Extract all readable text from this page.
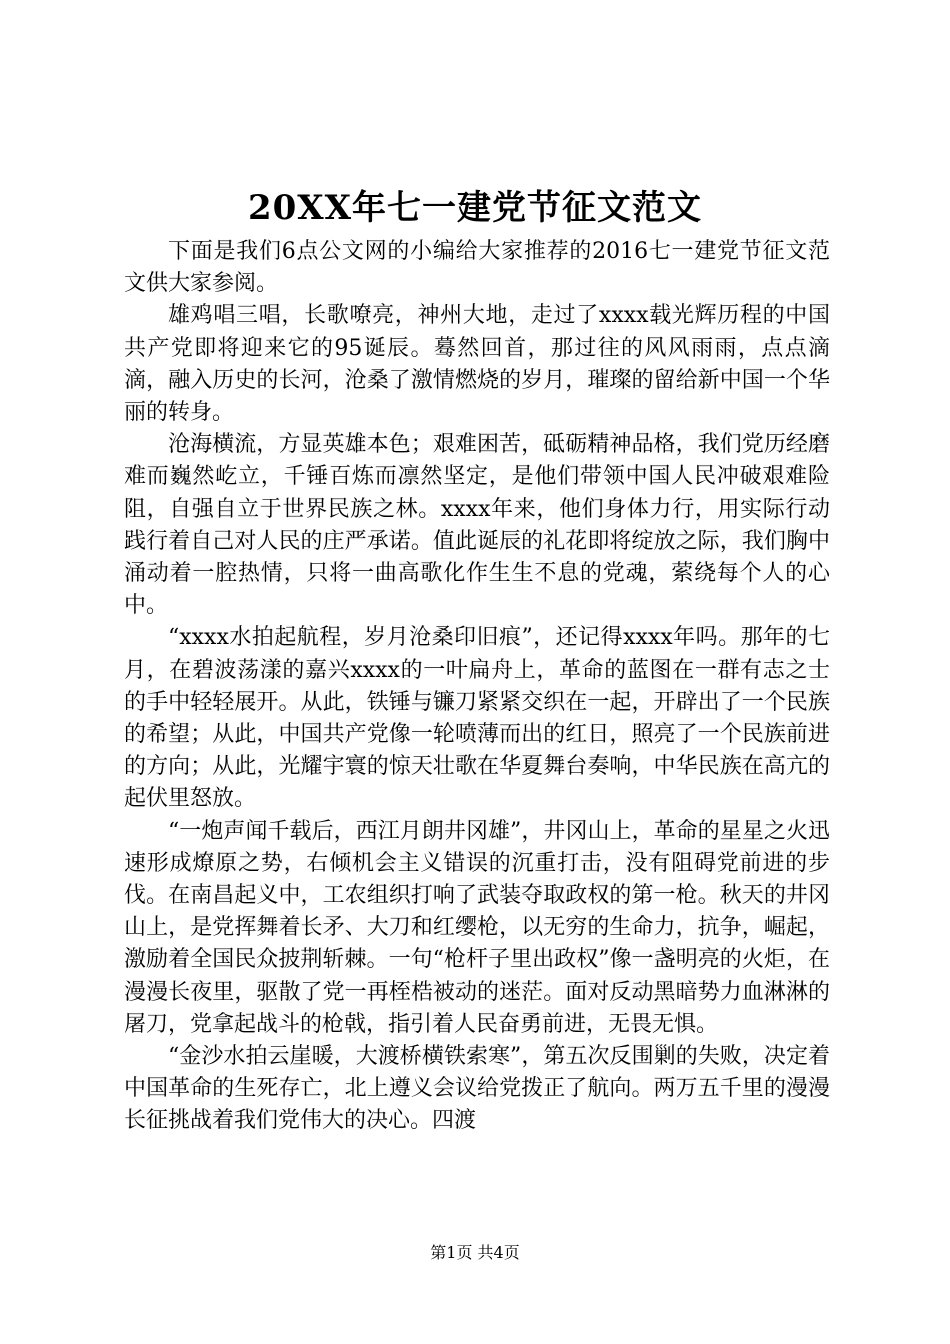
20XX年七一建党节征文范文

下面是我们6点公文网的小编给大家推荐的2016七一建党节征文范文供大家参阅。

雄鸡唱三唱，长歌嘹亮，神州大地，走过了xxxx载光辉历程的中国共产党即将迎来它的95诞辰。蓦然回首，那过往的风风雨雨，点点滴滴，融入历史的长河，沧桑了激情燃烧的岁月，璀璨的留给新中国一个华丽的转身。

沧海横流，方显英雄本色；艰难困苦，砥砺精神品格，我们党历经磨难而巍然屹立，千锤百炼而凛然坚定，是他们带领中国人民冲破艰难险阻，自强自立于世界民族之林。xxxx年来，他们身体力行，用实际行动践行着自己对人民的庄严承诺。值此诞辰的礼花即将绽放之际，我们胸中涌动着一腔热情，只将一曲高歌化作生生不息的党魂，萦绕每个人的心中。

“xxxx水拍起航程，岁月沧桑印旧痕”，还记得xxxx年吗。那年的七月，在碧波荡漾的嘉兴xxxx的一叶扁舟上，革命的蓝图在一群有志之士的手中轻轻展开。从此，铁锤与镰刀紧紧交织在一起，开辟出了一个民族的希望；从此，中国共产党像一轮喷薄而出的红日，照亮了一个民族前进的方向；从此，光耀宇寰的惊天壮歌在华夏舞台奏响，中华民族在高亢的起伏里怒放。

“一炮声闻千载后，西江月朗井冈雄”，井冈山上，革命的星星之火迅速形成燎原之势，右倾机会主义错误的沉重打击，没有阻碍党前进的步伐。在南昌起义中，工农组织打响了武装夺取政权的第一枪。秋天的井冈山上，是党挥舞着长矛、大刀和红缨枪，以无穷的生命力，抗争，崛起，激励着全国民众披荆斩棘。一句“枪杆子里出政权”像一盏明亮的火炬，在漫漫长夜里，驱散了党一再桎梏被动的迷茫。面对反动黑暗势力血淋淋的屠刀，党拿起战斗的枪戟，指引着人民奋勇前进，无畏无惧。

“金沙水拍云崖暖，大渡桥横铁索寒”，第五次反围剿的失败，决定着中国革命的生死存亡，北上遵义会议给党拨正了航向。两万五千里的漫漫长征挑战着我们党伟大的决心。四渡

第1页 共4页
